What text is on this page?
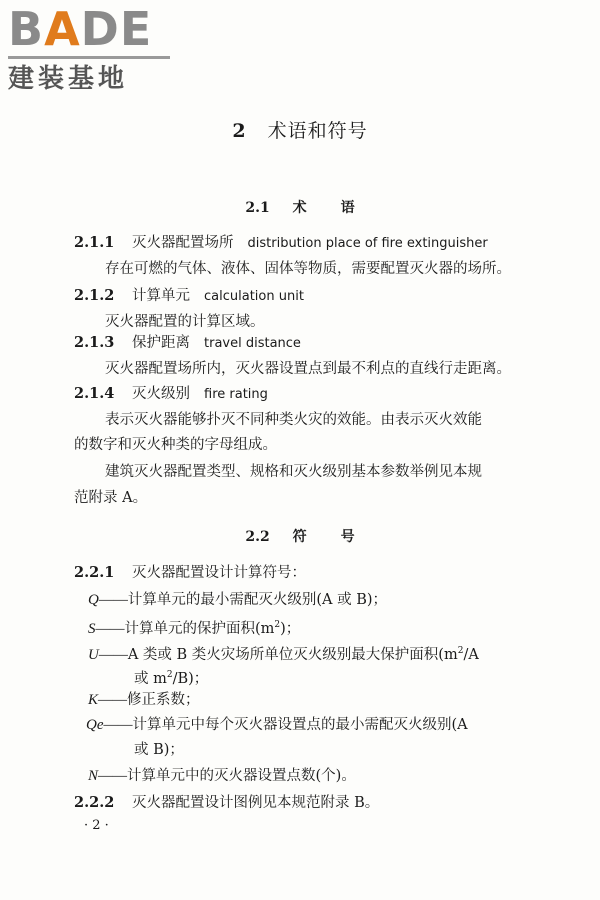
BADE
建装基地
2 术语和符号
2.1 术 语
2.1.1 灭火器配置场所 distribution place of fire extinguisher
存在可燃的气体、液体、固体等物质，需要配置灭火器的场所。
2.1.2 计算单元 calculation unit
灭火器配置的计算区域。
2.1.3 保护距离 travel distance
灭火器配置场所内，灭火器设置点到最不利点的直线行走距离。
2.1.4 灭火级别 fire rating
表示灭火器能够扑灭不同种类火灾的效能。由表示灭火效能
的数字和灭火种类的字母组成。
建筑灭火器配置类型、规格和灭火级别基本参数举例见本规
范附录 A。
2.2 符 号
2.2.1 灭火器配置设计计算符号：
Q——计算单元的最小需配灭火级别(A 或 B)；
S——计算单元的保护面积$(m^2)$；
U——A 类或 B 类火灾场所单位灭火级别最大保护面积($m^2/A$
或 $m^2/B$)；
K——修正系数；
Qe——计算单元中每个灭火器设置点的最小需配灭火级别(A
或 B)；
N——计算单元中的灭火器设置点数(个)。
2.2.2 灭火器配置设计图例见本规范附录 B。
· 2 ·
